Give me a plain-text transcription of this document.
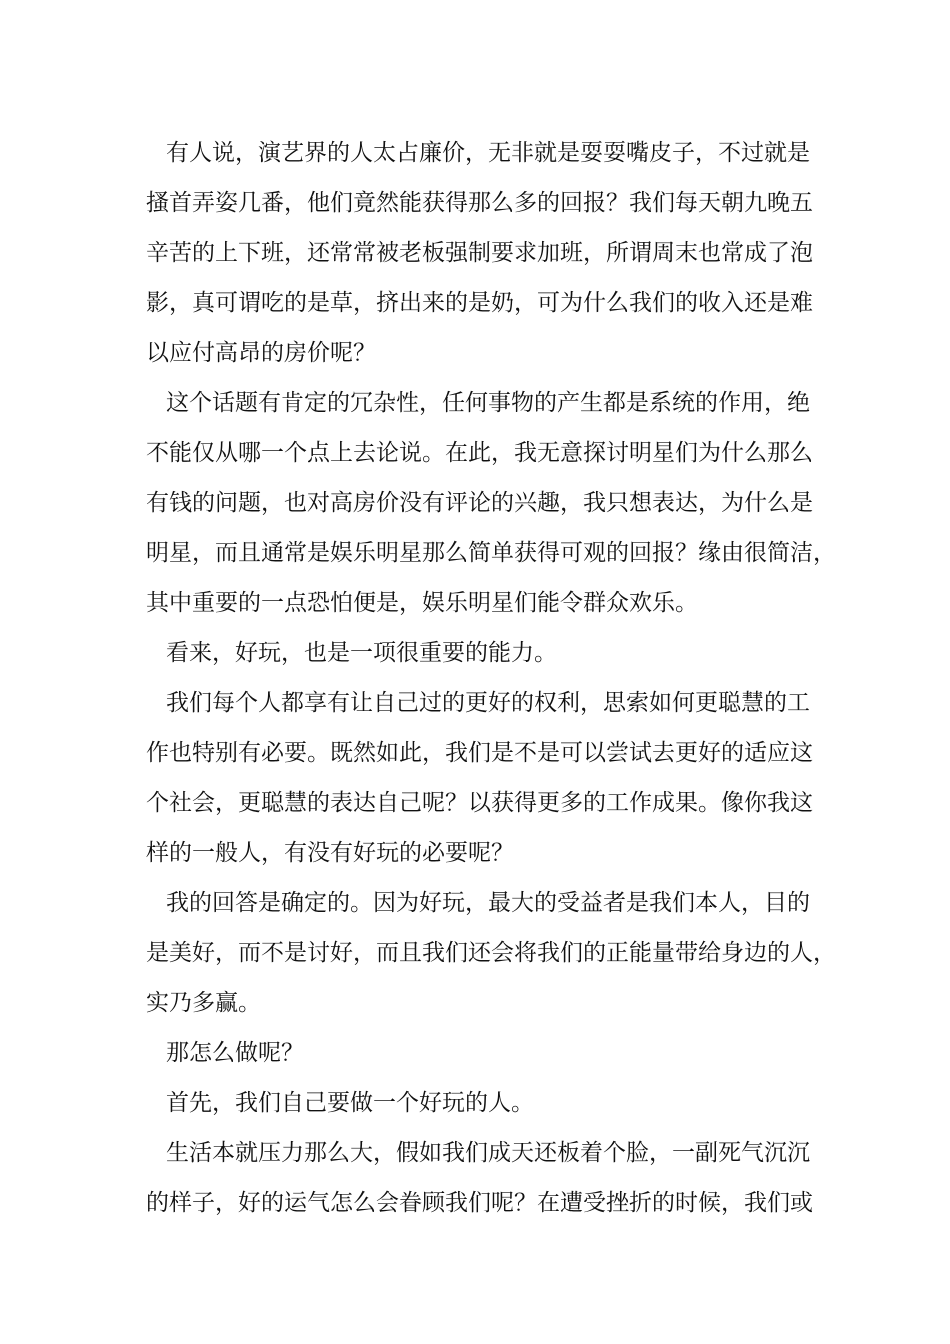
有人说，演艺界的人太占廉价，无非就是耍耍嘴皮子，不过就是
搔首弄姿几番，他们竟然能获得那么多的回报？我们每天朝九晚五
辛苦的上下班，还常常被老板强制要求加班，所谓周末也常成了泡
影，真可谓吃的是草，挤出来的是奶，可为什么我们的收入还是难
以应付高昂的房价呢？
这个话题有肯定的冗杂性，任何事物的产生都是系统的作用，绝
不能仅从哪一个点上去论说。在此，我无意探讨明星们为什么那么
有钱的问题，也对高房价没有评论的兴趣，我只想表达，为什么是
明星，而且通常是娱乐明星那么简单获得可观的回报？缘由很简洁，
其中重要的一点恐怕便是，娱乐明星们能令群众欢乐。
看来，好玩，也是一项很重要的能力。
我们每个人都享有让自己过的更好的权利，思索如何更聪慧的工
作也特别有必要。既然如此，我们是不是可以尝试去更好的适应这
个社会，更聪慧的表达自己呢？以获得更多的工作成果。像你我这
样的一般人，有没有好玩的必要呢？
我的回答是确定的。因为好玩，最大的受益者是我们本人，目的
是美好，而不是讨好，而且我们还会将我们的正能量带给身边的人，
实乃多赢。
那怎么做呢？
首先，我们自己要做一个好玩的人。
生活本就压力那么大，假如我们成天还板着个脸，一副死气沉沉
的样子，好的运气怎么会眷顾我们呢？在遭受挫折的时候，我们或
